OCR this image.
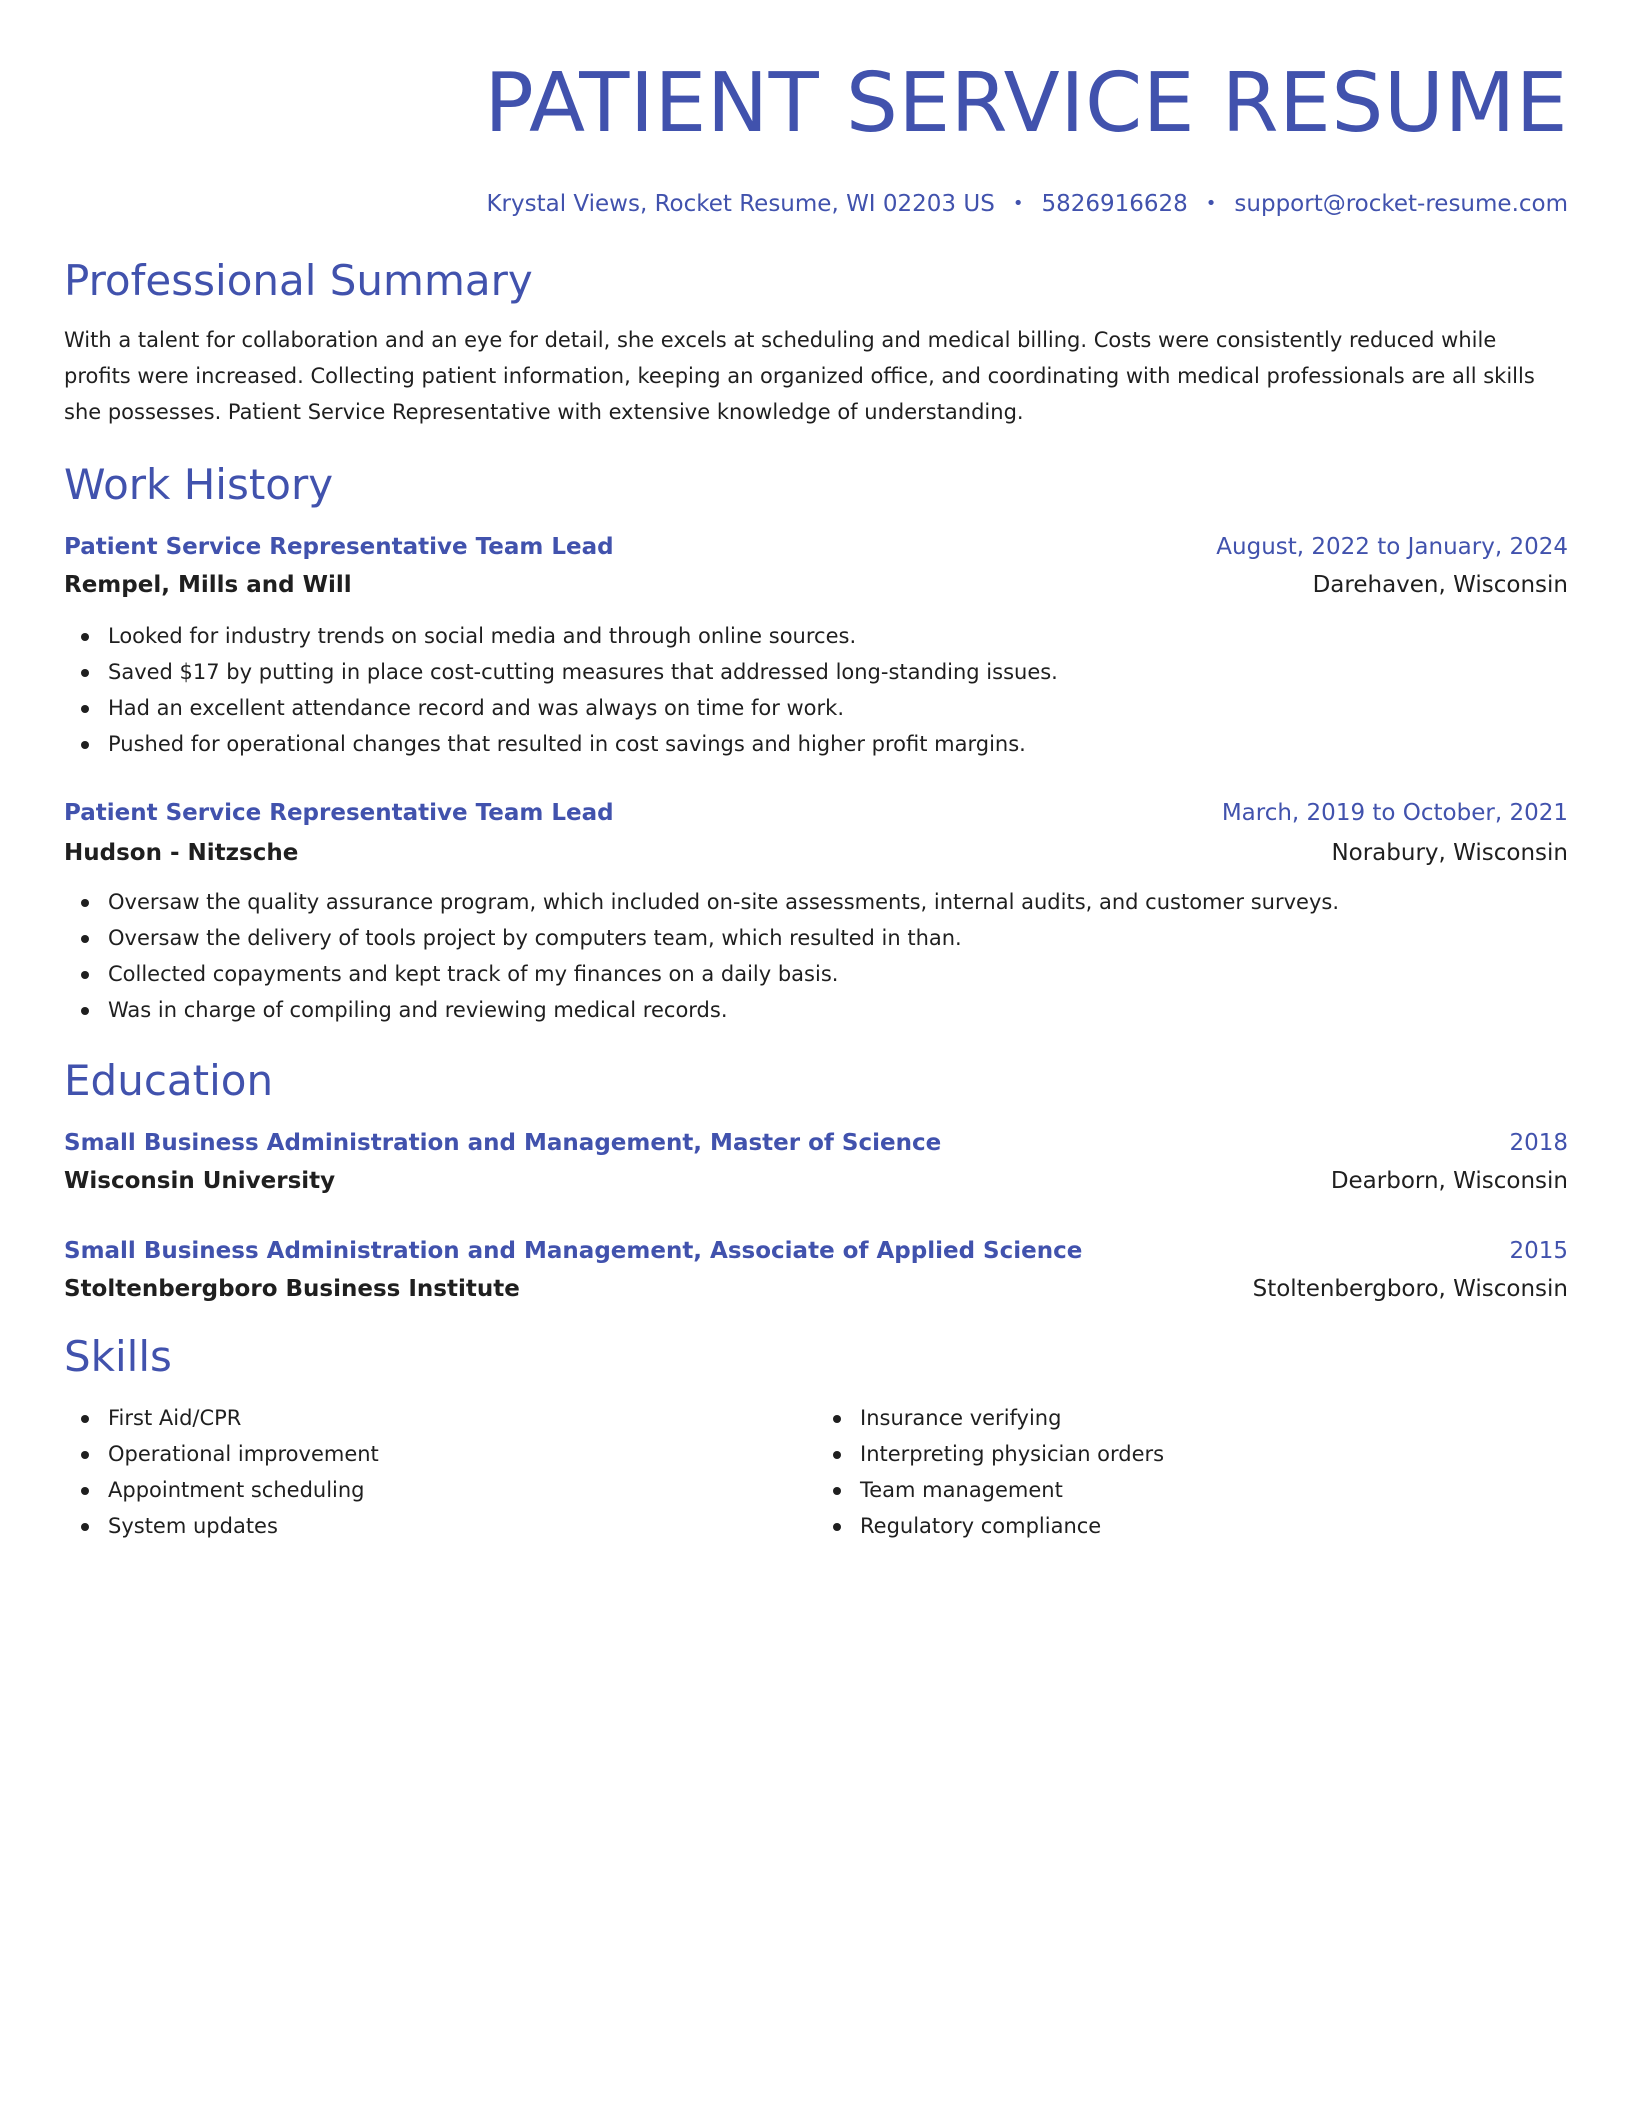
PATIENT SERVICE RESUME
Krystal Views, Rocket Resume, WI 02203 US • 5826916628 • support@rocket-resume.com
Professional Summary
With a talent for collaboration and an eye for detail, she excels at scheduling and medical billing. Costs were consistently reduced while profits were increased. Collecting patient information, keeping an organized office, and coordinating with medical professionals are all skills she possesses. Patient Service Representative with extensive knowledge of understanding.
Work History
Patient Service Representative Team Lead	August, 2022 to January, 2024
Rempel, Mills and Will	Darehaven, Wisconsin
Looked for industry trends on social media and through online sources.
Saved $17 by putting in place cost-cutting measures that addressed long-standing issues.
Had an excellent attendance record and was always on time for work.
Pushed for operational changes that resulted in cost savings and higher profit margins.
Patient Service Representative Team Lead	March, 2019 to October, 2021
Hudson - Nitzsche	Norabury, Wisconsin
Oversaw the quality assurance program, which included on-site assessments, internal audits, and customer surveys.
Oversaw the delivery of tools project by computers team, which resulted in than.
Collected copayments and kept track of my finances on a daily basis.
Was in charge of compiling and reviewing medical records.
Education
Small Business Administration and Management, Master of Science	2018
Wisconsin University	Dearborn, Wisconsin
Small Business Administration and Management, Associate of Applied Science	2015
Stoltenbergboro Business Institute	Stoltenbergboro, Wisconsin
Skills
First Aid/CPR
Operational improvement
Appointment scheduling
System updates
Insurance verifying
Interpreting physician orders
Team management
Regulatory compliance
